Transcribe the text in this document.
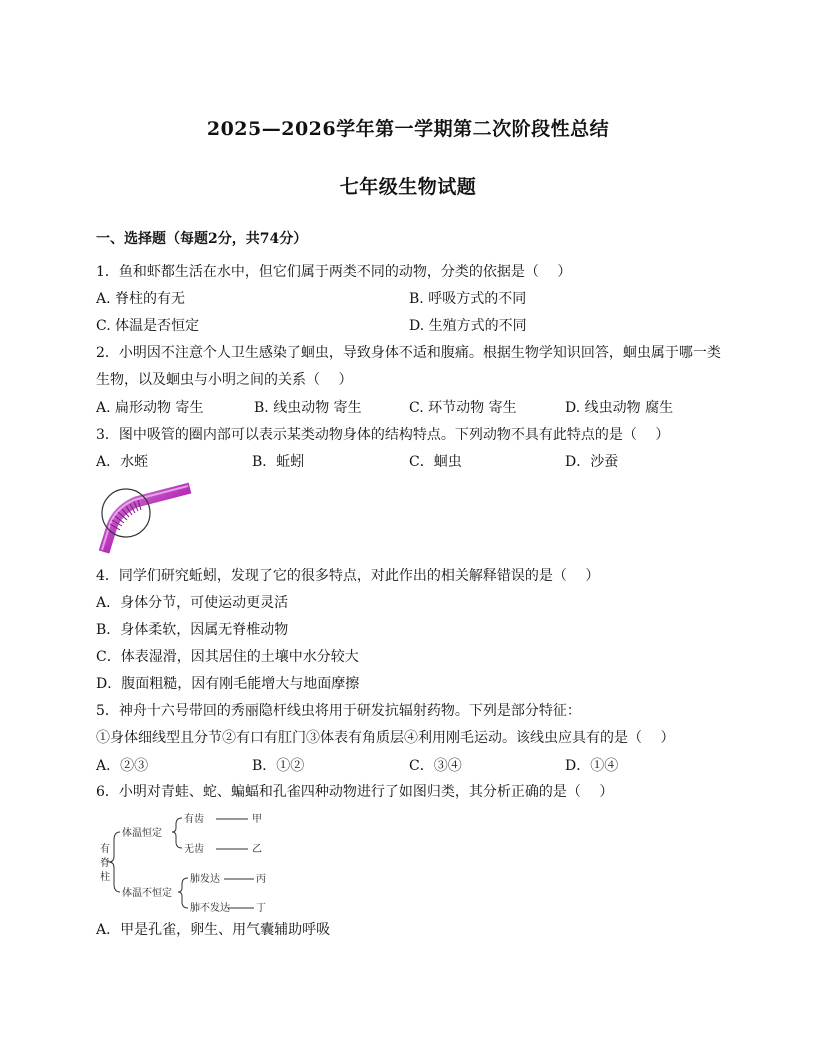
2025—2026学年第一学期第二次阶段性总结
七年级生物试题
一、选择题（每题2分，共74分）
1．鱼和虾都生活在水中，但它们属于两类不同的动物，分类的依据是（　 ）
A. 脊柱的有无	B. 呼吸方式的不同
C. 体温是否恒定	D. 生殖方式的不同
2．小明因不注意个人卫生感染了蛔虫，导致身体不适和腹痛。根据生物学知识回答，蛔虫属于哪一类
生物，以及蛔虫与小明之间的关系（　 ）
A. 扁形动物 寄生	B. 线虫动物 寄生	C. 环节动物 寄生	D. 线虫动物 腐生
3．图中吸管的圈内部可以表示某类动物身体的结构特点。下列动物不具有此特点的是（　 ）
A．水蛭	B．蚯蚓	C．蛔虫	D．沙蚕
4．同学们研究蚯蚓，发现了它的很多特点，对此作出的相关解释错误的是（　 ）
A．身体分节，可使运动更灵活
B．身体柔软，因属无脊椎动物
C．体表湿滑，因其居住的土壤中水分较大
D．腹面粗糙，因有刚毛能增大与地面摩擦
5．神舟十六号带回的秀丽隐杆线虫将用于研发抗辐射药物。下列是部分特征：
①身体细线型且分节②有口有肛门③体表有角质层④利用刚毛运动。该线虫应具有的是（　 ）
A．②③	B．①②	C．③④	D．①④
6．小明对青蛙、蛇、蝙蝠和孔雀四种动物进行了如图归类，其分析正确的是（　 ）
有
脊
柱
体温恒定
体温不恒定
有齿	甲
无齿	乙
肺发达	丙
肺不发达	丁
A．甲是孔雀，卵生、用气囊辅助呼吸
